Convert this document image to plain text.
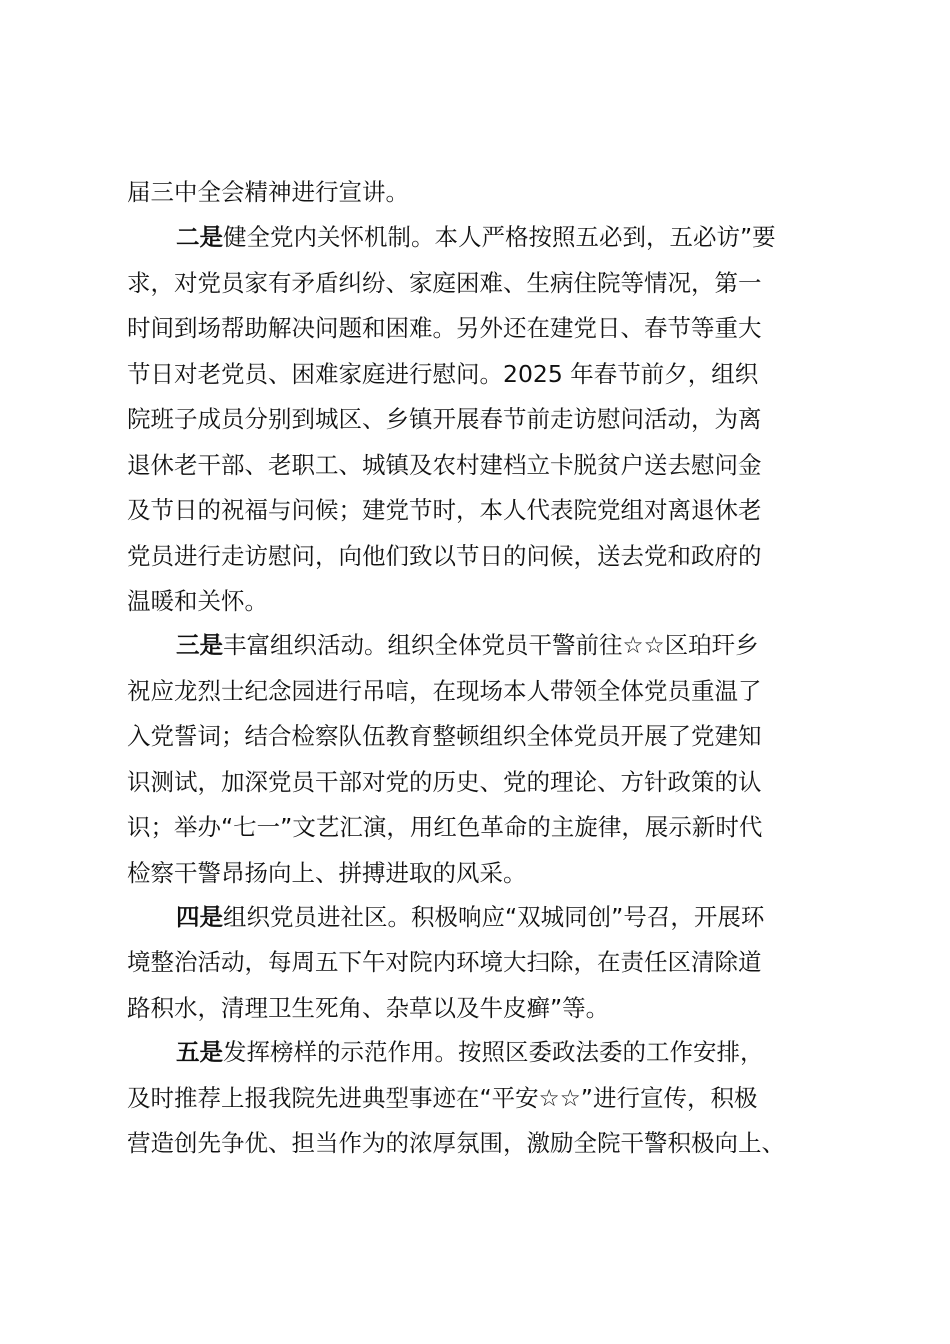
届三中全会精神进行宣讲。
二是健全党内关怀机制。本人严格按照五必到，五必访”要
求，对党员家有矛盾纠纷、家庭困难、生病住院等情况，第一
时间到场帮助解决问题和困难。另外还在建党日、春节等重大
节日对老党员、困难家庭进行慰问。2025 年春节前夕，组织
院班子成员分别到城区、乡镇开展春节前走访慰问活动，为离
退休老干部、老职工、城镇及农村建档立卡脱贫户送去慰问金
及节日的祝福与问候；建党节时，本人代表院党组对离退休老
党员进行走访慰问，向他们致以节日的问候，送去党和政府的
温暖和关怀。
三是丰富组织活动。组织全体党员干警前往☆☆区珀玕乡
祝应龙烈士纪念园进行吊唁，在现场本人带领全体党员重温了
入党誓词；结合检察队伍教育整顿组织全体党员开展了党建知
识测试，加深党员干部对党的历史、党的理论、方针政策的认
识；举办“七一”文艺汇演，用红色革命的主旋律，展示新时代
检察干警昂扬向上、拼搏进取的风采。
四是组织党员进社区。积极响应“双城同创”号召，开展环
境整治活动，每周五下午对院内环境大扫除，在责任区清除道
路积水，清理卫生死角、杂草以及牛皮癣”等。
五是发挥榜样的示范作用。按照区委政法委的工作安排，
及时推荐上报我院先进典型事迹在“平安☆☆”进行宣传，积极
营造创先争优、担当作为的浓厚氛围，激励全院干警积极向上、
